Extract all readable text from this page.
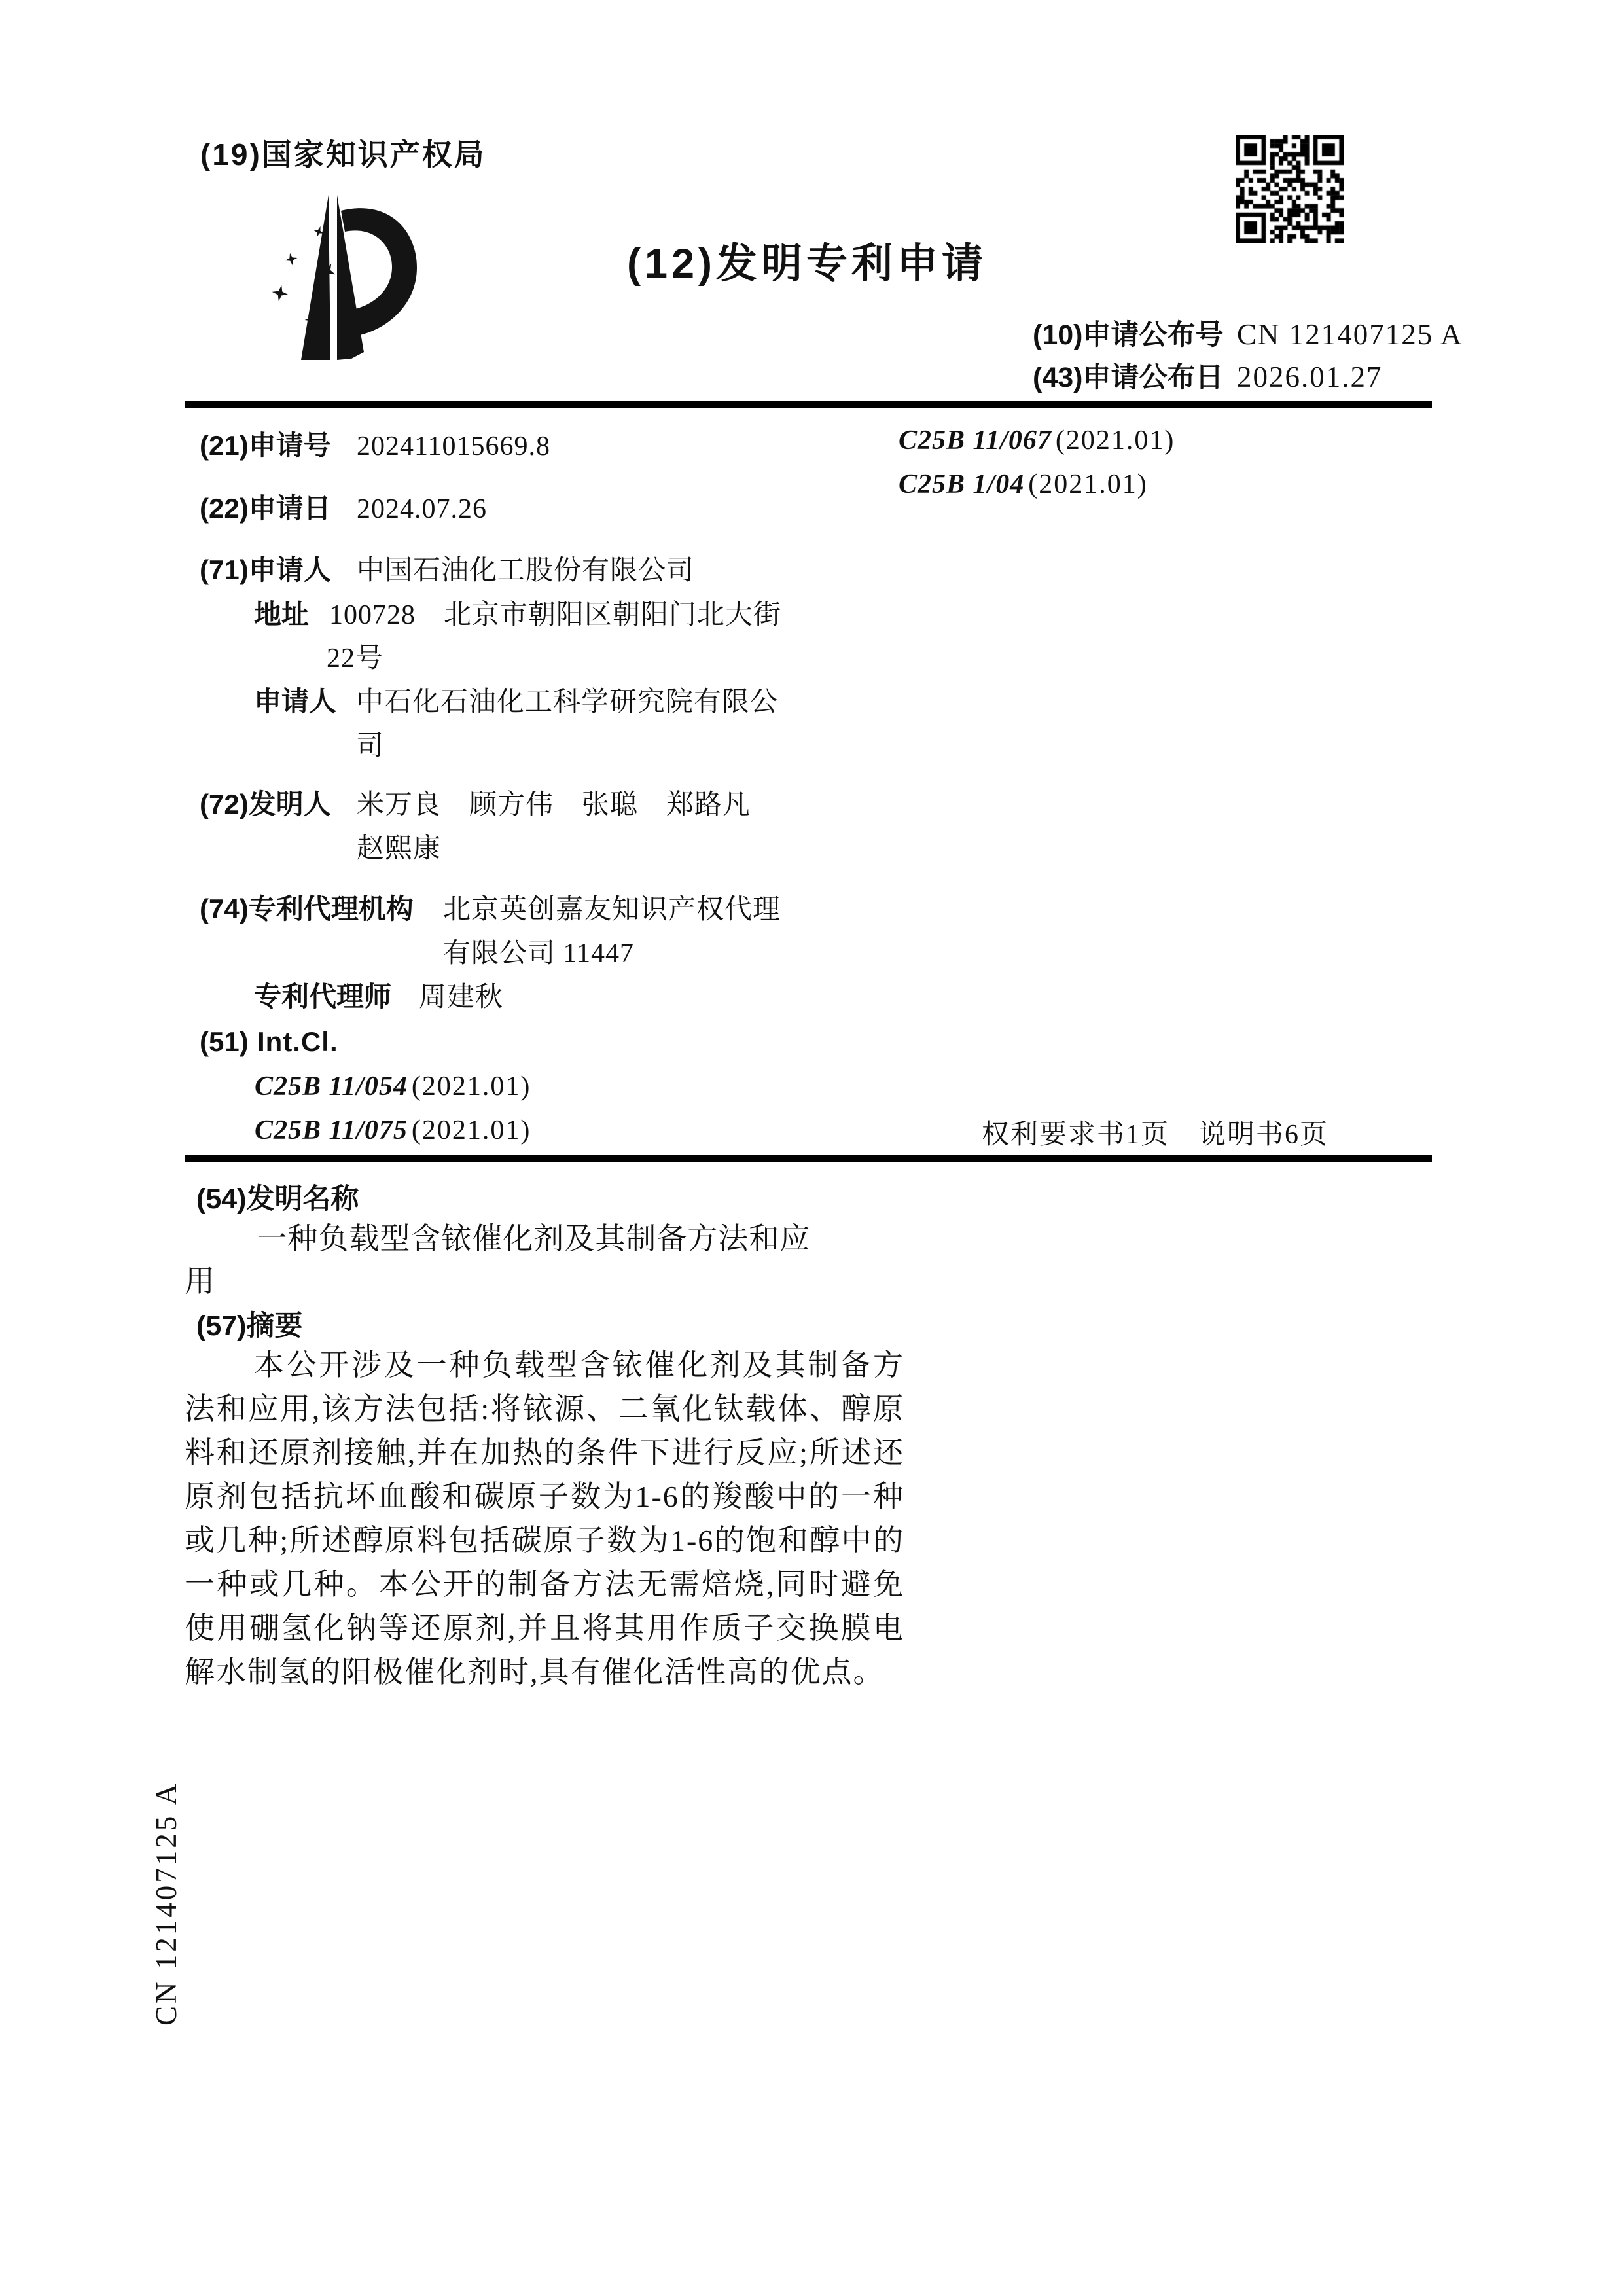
(19)国家知识产权局
(12)发明专利申请
(10)申请公布号 CN 121407125 A
(43)申请公布日 2026.01.27
(21)申请号 202411015669.8
(22)申请日 2024.07.26
(71)申请人 中国石油化工股份有限公司
地址 100728　北京市朝阳区朝阳门北大街
22号
申请人 中石化石油化工科学研究院有限公
司
(72)发明人 米万良　顾方伟　张聪　郑路凡
赵熙康
(74)专利代理机构 北京英创嘉友知识产权代理
有限公司 11447
专利代理师 周建秋
(51) Int.Cl.
C25B 11/054 (2021.01)
C25B 11/075 (2021.01)
C25B 11/067 (2021.01)
C25B 1/04 (2021.01)
权利要求书1页　说明书6页
(54)发明名称
一种负载型含铱催化剂及其制备方法和应用
(57)摘要
本公开涉及一种负载型含铱催化剂及其制备方法和应用,该方法包括:将铱源、二氧化钛载体、醇原料和还原剂接触,并在加热的条件下进行反应;所述还原剂包括抗坏血酸和碳原子数为1-6的羧酸中的一种或几种;所述醇原料包括碳原子数为1-6的饱和醇中的一种或几种。本公开的制备方法无需焙烧,同时避免使用硼氢化钠等还原剂,并且将其用作质子交换膜电解水制氢的阳极催化剂时,具有催化活性高的优点。
CN 121407125 A
